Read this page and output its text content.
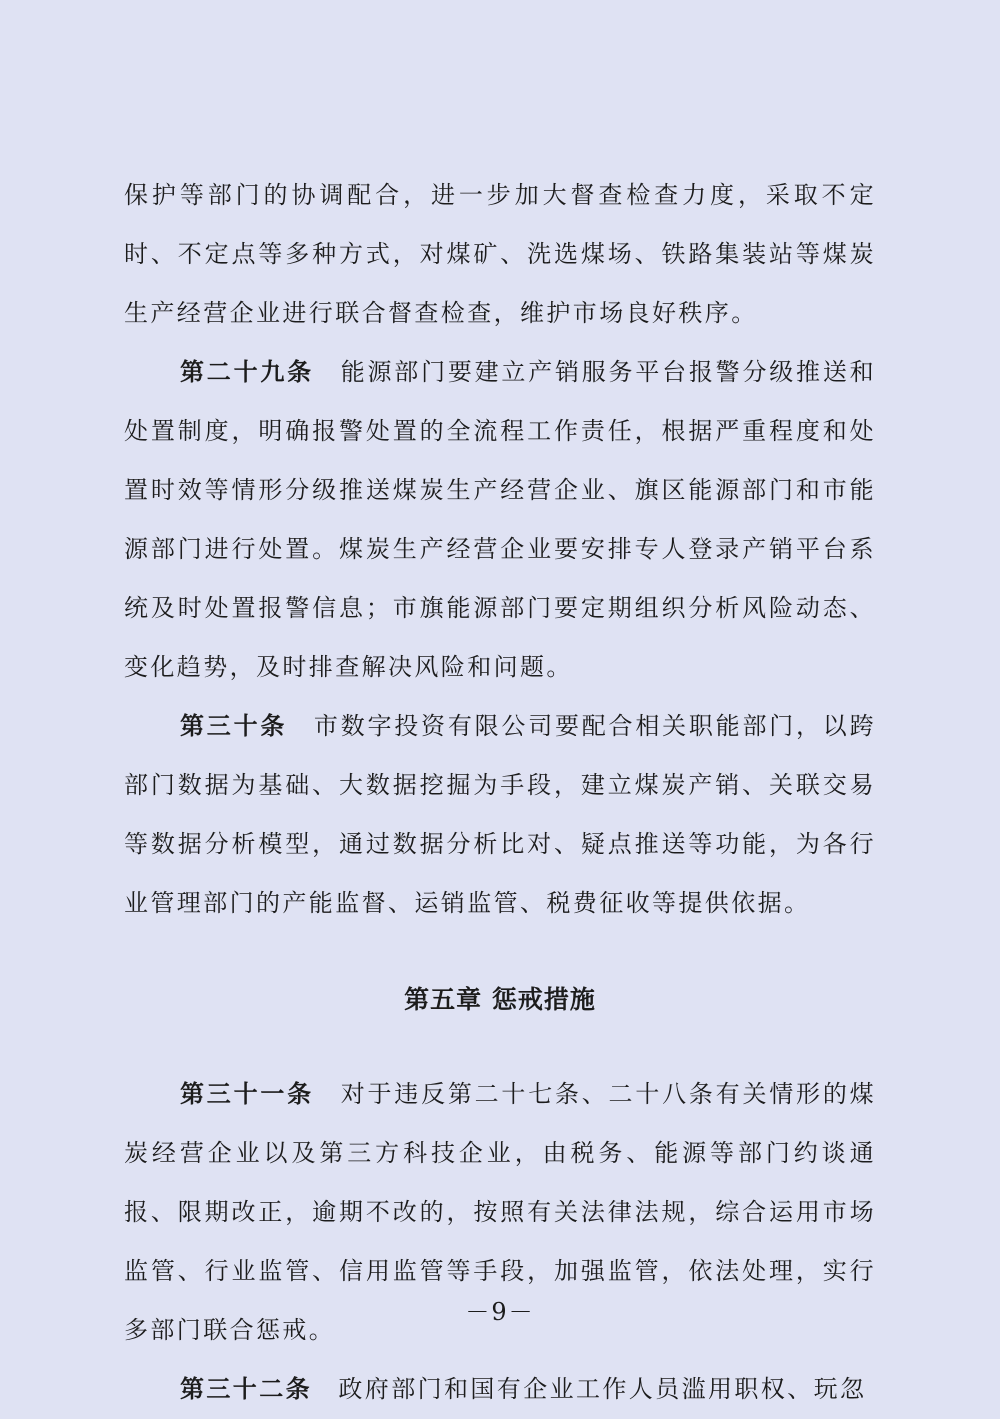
保护等部门的协调配合，进一步加大督查检查力度，采取不定时、不定点等多种方式，对煤矿、洗选煤场、铁路集装站等煤炭生产经营企业进行联合督查检查，维护市场良好秩序。

第二十九条  能源部门要建立产销服务平台报警分级推送和处置制度，明确报警处置的全流程工作责任，根据严重程度和处置时效等情形分级推送煤炭生产经营企业、旗区能源部门和市能源部门进行处置。煤炭生产经营企业要安排专人登录产销平台系统及时处置报警信息；市旗能源部门要定期组织分析风险动态、变化趋势，及时排查解决风险和问题。

第三十条  市数字投资有限公司要配合相关职能部门，以跨部门数据为基础、大数据挖掘为手段，建立煤炭产销、关联交易等数据分析模型，通过数据分析比对、疑点推送等功能，为各行业管理部门的产能监督、运销监管、税费征收等提供依据。

第五章 惩戒措施

第三十一条  对于违反第二十七条、二十八条有关情形的煤炭经营企业以及第三方科技企业，由税务、能源等部门约谈通报、限期改正，逾期不改的，按照有关法律法规，综合运用市场监管、行业监管、信用监管等手段，加强监管，依法处理，实行多部门联合惩戒。

第三十二条  政府部门和国有企业工作人员滥用职权、玩忽

－9－
